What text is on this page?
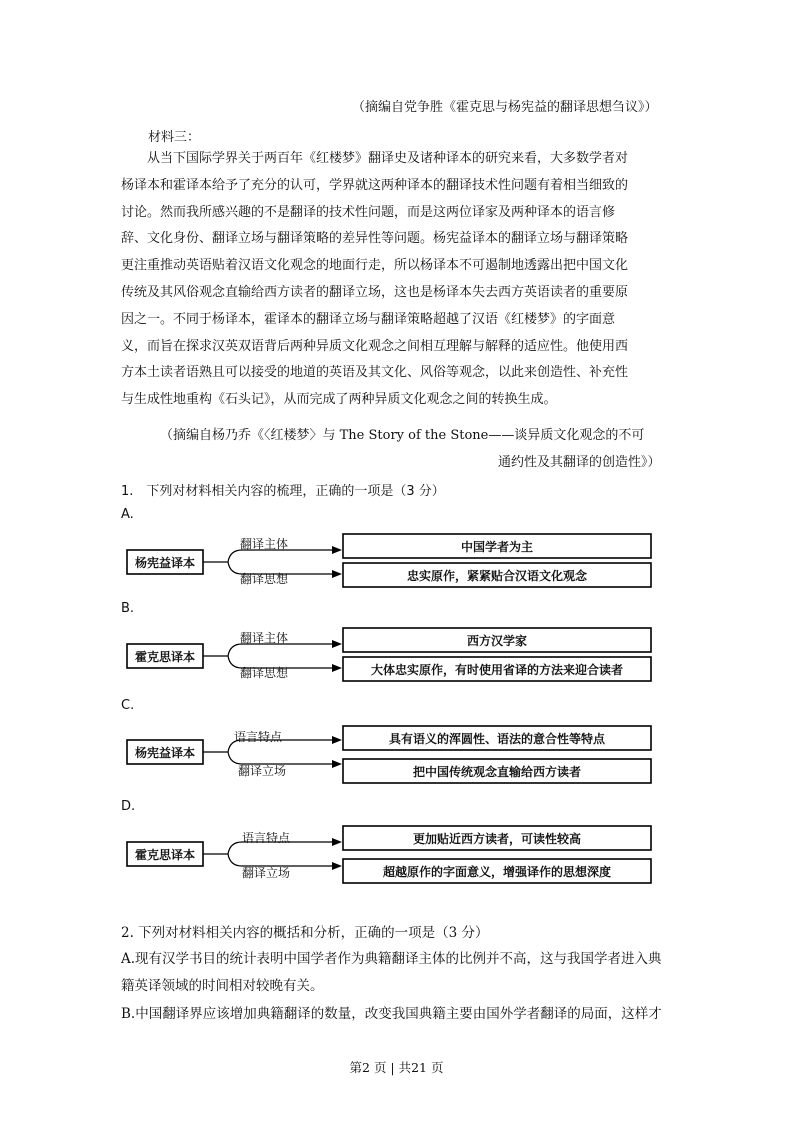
（摘编自党争胜《霍克思与杨宪益的翻译思想刍议》）
材料三：
从当下国际学界关于两百年《红楼梦》翻译史及诸种译本的研究来看，大多数学者对
杨译本和霍译本给予了充分的认可，学界就这两种译本的翻译技术性问题有着相当细致的
讨论。然而我所感兴趣的不是翻译的技术性问题，而是这两位译家及两种译本的语言修
辞、文化身份、翻译立场与翻译策略的差异性等问题。杨宪益译本的翻译立场与翻译策略
更注重推动英语贴着汉语文化观念的地面行走，所以杨译本不可遏制地透露出把中国文化
传统及其风俗观念直输给西方读者的翻译立场，这也是杨译本失去西方英语读者的重要原
因之一。不同于杨译本，霍译本的翻译立场与翻译策略超越了汉语《红楼梦》的字面意
义，而旨在探求汉英双语背后两种异质文化观念之间相互理解与解释的适应性。他使用西
方本土读者语熟且可以接受的地道的英语及其文化、风俗等观念，以此来创造性、补充性
与生成性地重构《石头记》，从而完成了两种异质文化观念之间的转换生成。
（摘编自杨乃乔《〈红楼梦〉与 The Story of the Stone——谈异质文化观念的不可
通约性及其翻译的创造性》）
1.　下列对材料相关内容的梳理，正确的一项是（3 分）
A.
杨宪益译本
翻译主体
翻译思想
中国学者为主
忠实原作，紧紧贴合汉语文化观念
B.
霍克思译本
翻译主体
翻译思想
西方汉学家
大体忠实原作，有时使用省译的方法来迎合读者
C.
杨宪益译本
语言特点
翻译立场
具有语义的浑圆性、语法的意合性等特点
把中国传统观念直输给西方读者
D.
霍克思译本
语言特点
翻译立场
更加贴近西方读者，可读性较高
超越原作的字面意义，增强译作的思想深度
2. 下列对材料相关内容的概括和分析，正确的一项是（3 分）
A.现有汉学书目的统计表明中国学者作为典籍翻译主体的比例并不高，这与我国学者进入典
籍英译领域的时间相对较晚有关。
B.中国翻译界应该增加典籍翻译的数量，改变我国典籍主要由国外学者翻译的局面，这样才
第2 页 | 共21 页
